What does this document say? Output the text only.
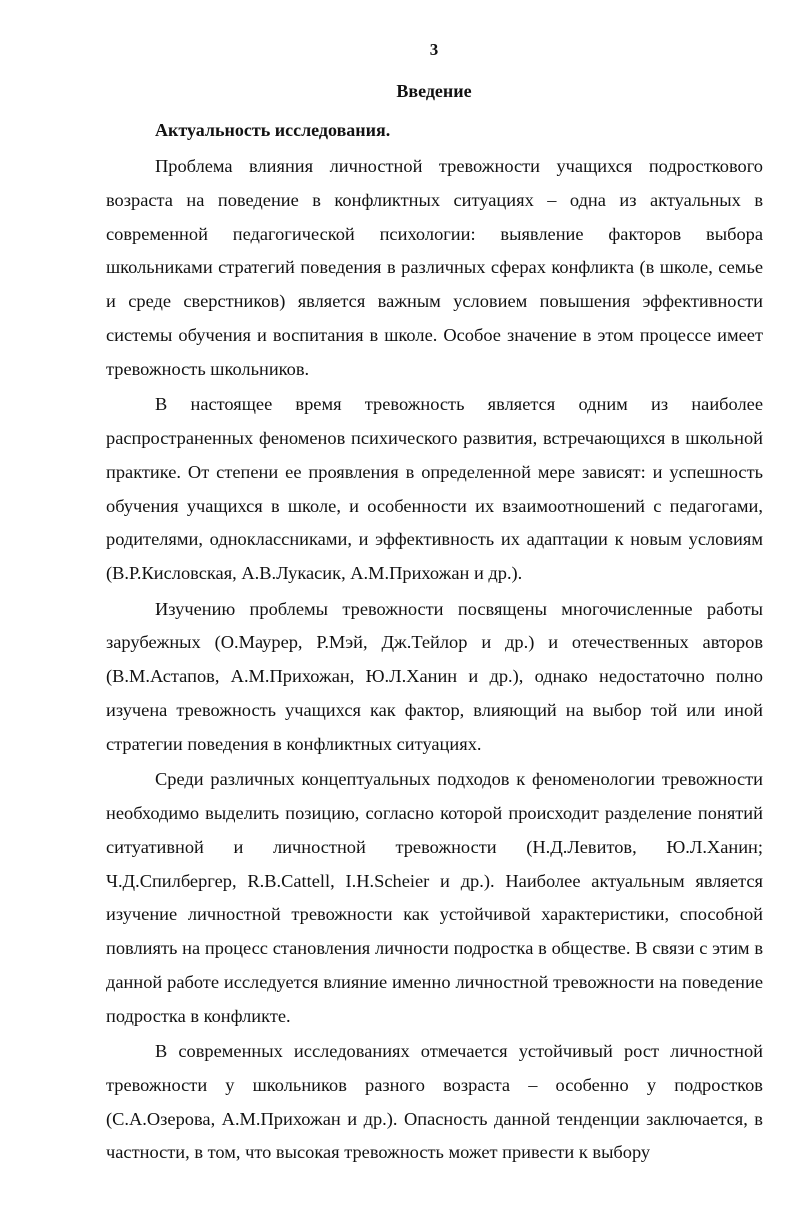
3
Введение
Актуальность исследования.

Проблема влияния личностной тревожности учащихся подросткового возраста на поведение в конфликтных ситуациях – одна из актуальных в современной педагогической психологии: выявление факторов выбора школьниками стратегий поведения в различных сферах конфликта (в школе, семье и среде сверстников) является важным условием повышения эффективности системы обучения и воспитания в школе. Особое значение в этом процессе имеет тревожность школьников.

В настоящее время тревожность является одним из наиболее распространенных феноменов психического развития, встречающихся в школьной практике. От степени ее проявления в определенной мере зависят: и успешность обучения учащихся в школе, и особенности их взаимоотношений с педагогами, родителями, одноклассниками, и эффективность их адаптации к новым условиям (В.Р.Кисловская, А.В.Лукасик, А.М.Прихожан и др.).

Изучению проблемы тревожности посвящены многочисленные работы зарубежных (О.Маурер, Р.Мэй, Дж.Тейлор и др.) и отечественных авторов (В.М.Астапов, А.М.Прихожан, Ю.Л.Ханин и др.), однако недостаточно полно изучена тревожность учащихся как фактор, влияющий на выбор той или иной стратегии поведения в конфликтных ситуациях.

Среди различных концептуальных подходов к феноменологии тревожности необходимо выделить позицию, согласно которой происходит разделение понятий ситуативной и личностной тревожности (Н.Д.Левитов, Ю.Л.Ханин; Ч.Д.Спилбергер, R.B.Cattell, I.H.Scheier и др.). Наиболее актуальным является изучение личностной тревожности как устойчивой характеристики, способной повлиять на процесс становления личности подростка в обществе. В связи с этим в данной работе исследуется влияние именно личностной тревожности на поведение подростка в конфликте.

В современных исследованиях отмечается устойчивый рост личностной тревожности у школьников разного возраста – особенно у подростков (С.А.Озерова, А.М.Прихожан и др.). Опасность данной тенденции заключается, в частности, в том, что высокая тревожность может привести к выбору
